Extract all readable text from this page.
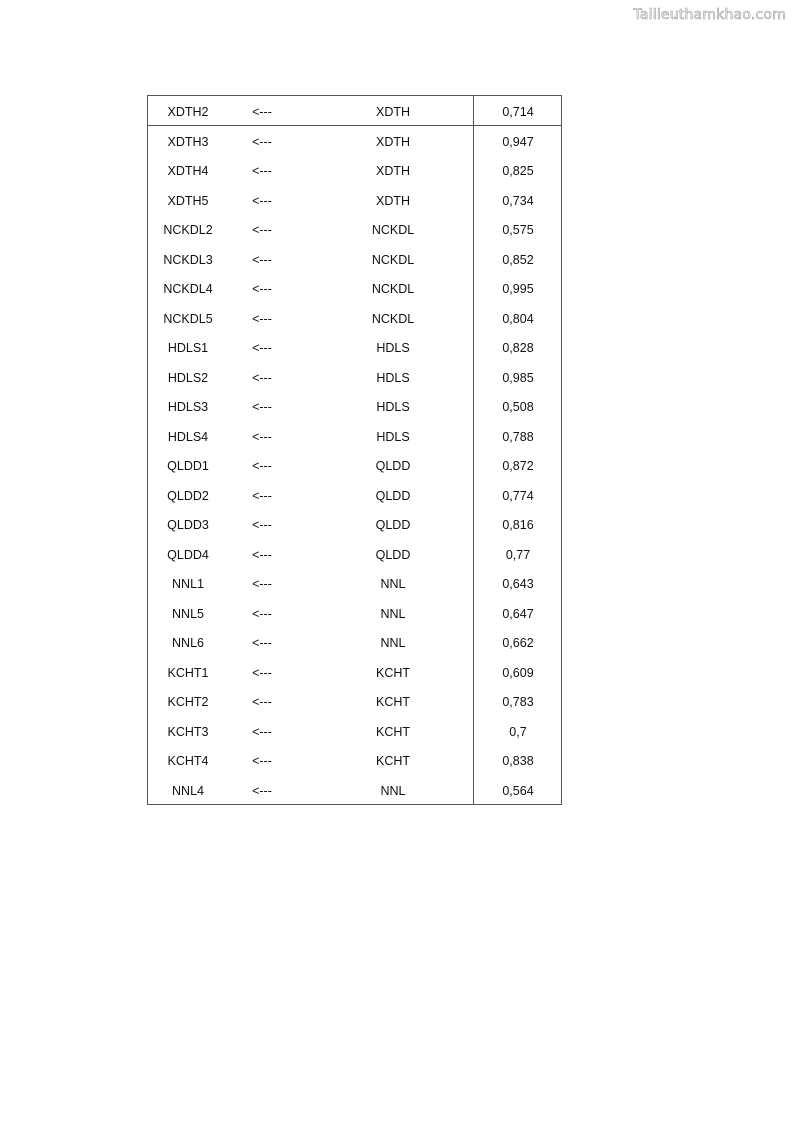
Tailieuthamkhao.com
XDTH2	<---	XDTH	0,714
XDTH3	<---	XDTH	0,947
XDTH4	<---	XDTH	0,825
XDTH5	<---	XDTH	0,734
NCKDL2	<---	NCKDL	0,575
NCKDL3	<---	NCKDL	0,852
NCKDL4	<---	NCKDL	0,995
NCKDL5	<---	NCKDL	0,804
HDLS1	<---	HDLS	0,828
HDLS2	<---	HDLS	0,985
HDLS3	<---	HDLS	0,508
HDLS4	<---	HDLS	0,788
QLDD1	<---	QLDD	0,872
QLDD2	<---	QLDD	0,774
QLDD3	<---	QLDD	0,816
QLDD4	<---	QLDD	0,77
NNL1	<---	NNL	0,643
NNL5	<---	NNL	0,647
NNL6	<---	NNL	0,662
KCHT1	<---	KCHT	0,609
KCHT2	<---	KCHT	0,783
KCHT3	<---	KCHT	0,7
KCHT4	<---	KCHT	0,838
NNL4	<---	NNL	0,564
